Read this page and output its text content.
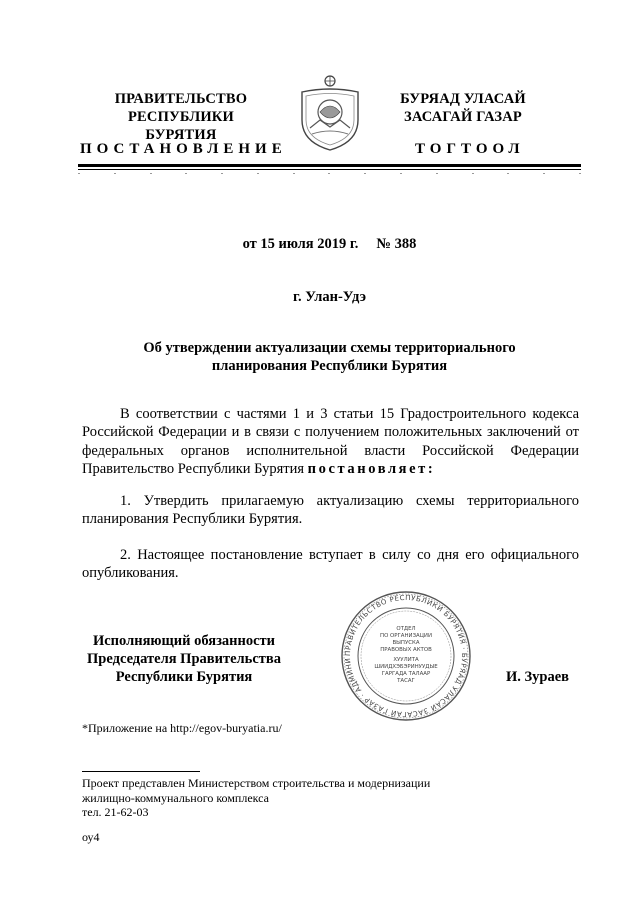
ПРАВИТЕЛЬСТВО
РЕСПУБЛИКИ БУРЯТИЯ
БУРЯАД УЛАСАЙ
ЗАСАГАЙ ГАЗАР
ПОСТАНОВЛЕНИЕ	ТОГТООЛ
от 15 июля 2019 г. № 388
г. Улан-Удэ
Об утверждении актуализации схемы территориального
планирования Республики Бурятия
В соответствии с частями 1 и 3 статьи 15 Градостроительного кодекса Российской Федерации и в связи с получением положительных заключений от федеральных органов исполнительной власти Российской Федерации Правительство Республики Бурятия постановляет:
1. Утвердить прилагаемую актуализацию схемы территориального планирования Республики Бурятия.
2. Настоящее постановление вступает в силу со дня его официального опубликования.
Исполняющий обязанности
Председателя Правительства
Республики Бурятия
ПРАВИТЕЛЬСТВО РЕСПУБЛИКИ БУРЯТИЯ · БУРЯАД УЛАСАЙ ЗАСАГАЙ ГАЗАР · АДМИНИ
ОТДЕЛ
ПО ОРГАНИЗАЦИИ
ВЫПУСКА
ПРАВОВЫХ АКТОВ
ХУУЛИТА
ШИИДХЭБЭРИНУУДЫЕ
ГАРГАДА ТАЛААР
ТАСАГ	И. Зураев
*Приложение на http://egov-buryatia.ru/
Проект представлен Министерством строительства и модернизации
жилищно-коммунального комплекса
тел. 21-62-03
оу4
